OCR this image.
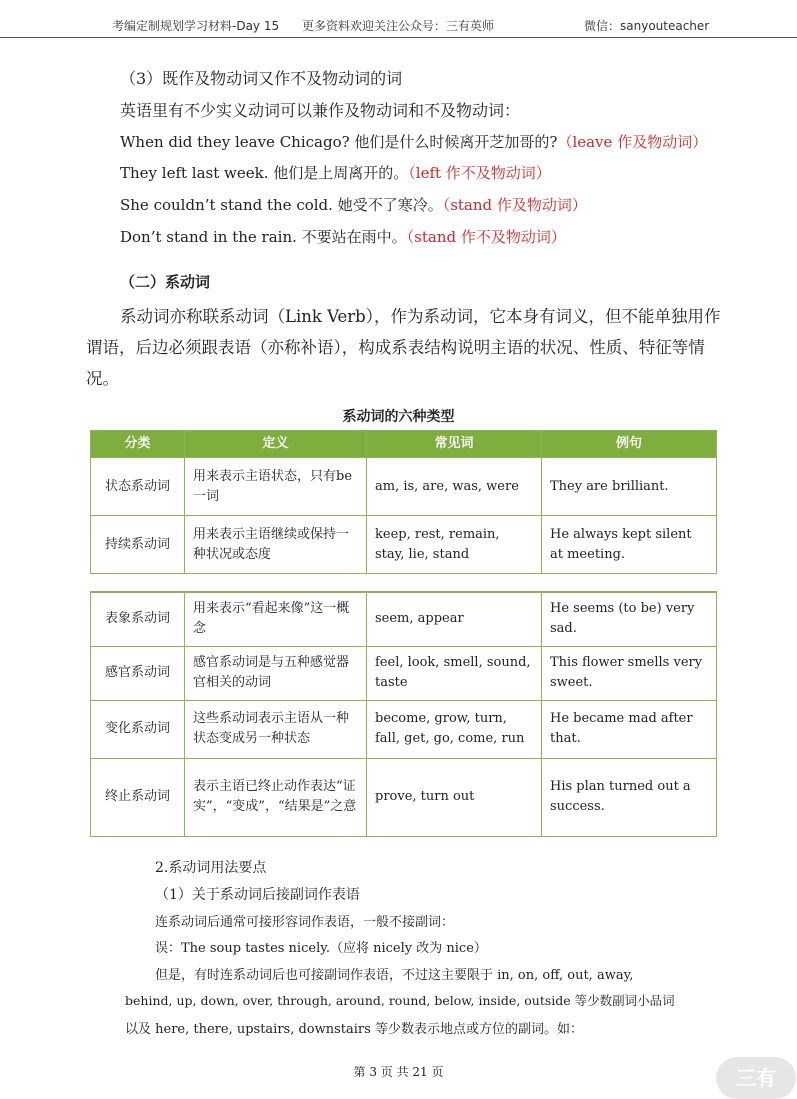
考编定制规划学习材料-Day 15 更多资料欢迎关注公众号：三有英师	微信：sanyouteacher
（3）既作及物动词又作不及物动词的词
英语里有不少实义动词可以兼作及物动词和不及物动词：
When did they leave Chicago? 他们是什么时候离开芝加哥的?（leave 作及物动词）
They left last week. 他们是上周离开的。（left 作不及物动词）
She couldn’t stand the cold. 她受不了寒冷。（stand 作及物动词）
Don’t stand in the rain. 不要站在雨中。（stand 作不及物动词）
（二）系动词
系动词亦称联系动词（Link Verb），作为系动词，它本身有词义，但不能单独用作谓语，后边必须跟表语（亦称补语），构成系表结构说明主语的状况、性质、特征等情况。
系动词的六种类型
分类	定义	常见词	例句
状态系动词	用来表示主语状态，只有be一词	am, is, are, was, were	They are brilliant.
持续系动词	用来表示主语继续或保持一种状况或态度	keep, rest, remain, stay, lie, stand	He always kept silent at meeting.
表象系动词	用来表示“看起来像”这一概念	seem, appear	He seems (to be) very sad.
感官系动词	感官系动词是与五种感觉器官相关的动词	feel, look, smell, sound, taste	This flower smells very sweet.
变化系动词	这些系动词表示主语从一种状态变成另一种状态	become, grow, turn, fall, get, go, come, run	He became mad after that.
终止系动词	表示主语已终止动作表达“证实”，“变成”，“结果是”之意	prove, turn out	His plan turned out a success.
2.系动词用法要点
（1）关于系动词后接副词作表语
连系动词后通常可接形容词作表语，一般不接副词：
误：The soup tastes nicely.（应将 nicely 改为 nice）
但是，有时连系动词后也可接副词作表语，不过这主要限于 in, on, off, out, away,
behind, up, down, over, through, around, round, below, inside, outside 等少数副词小品词
以及 here, there, upstairs, downstairs 等少数表示地点或方位的副词。如：
第 3 页 共 21 页	三有
